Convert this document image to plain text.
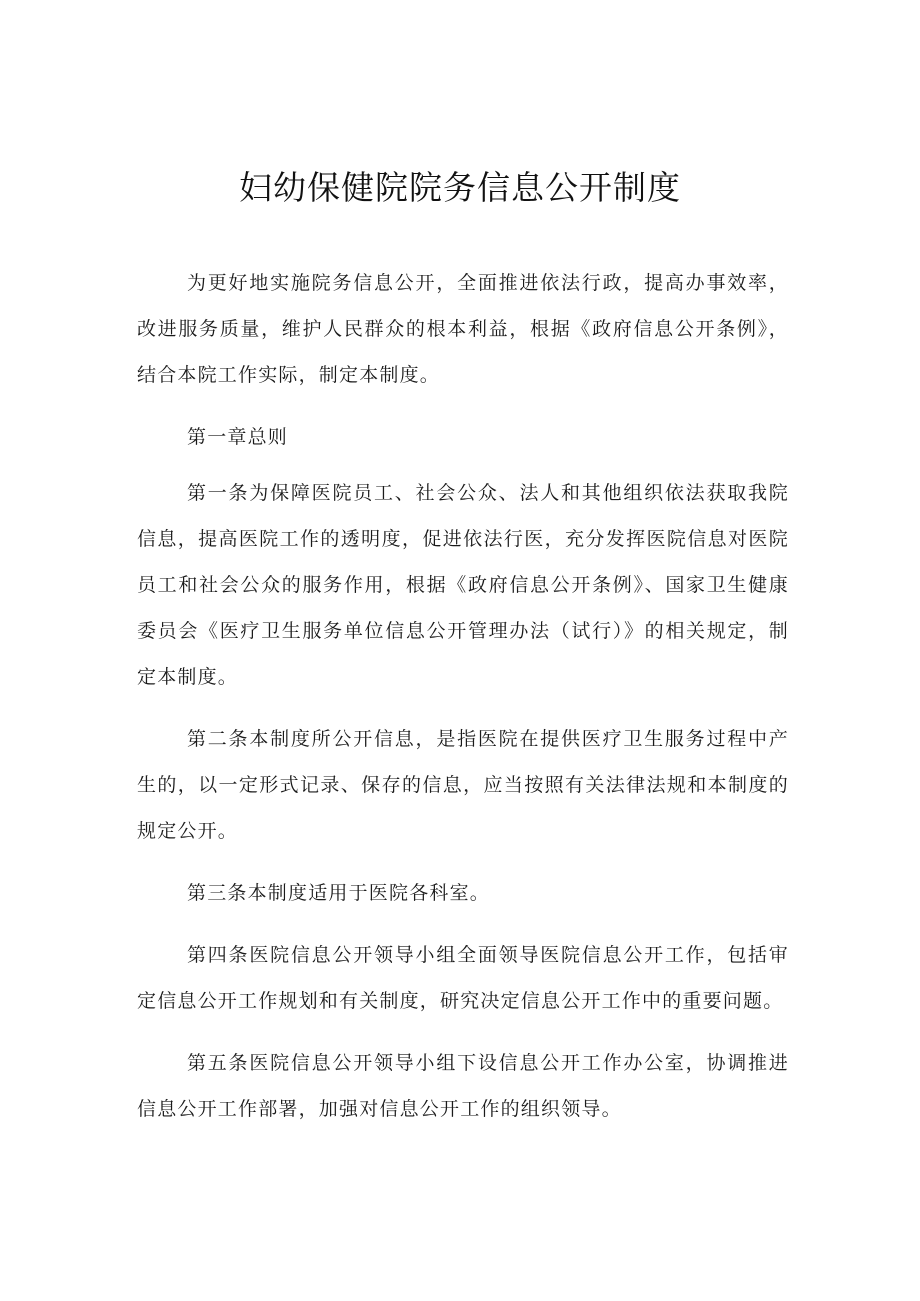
妇幼保健院院务信息公开制度

为更好地实施院务信息公开，全面推进依法行政，提高办事效率，改进服务质量，维护人民群众的根本利益，根据《政府信息公开条例》，结合本院工作实际，制定本制度。

第一章总则

第一条为保障医院员工、社会公众、法人和其他组织依法获取我院信息，提高医院工作的透明度，促进依法行医，充分发挥医院信息对医院员工和社会公众的服务作用，根据《政府信息公开条例》、国家卫生健康委员会《医疗卫生服务单位信息公开管理办法（试行）》的相关规定，制定本制度。

第二条本制度所公开信息，是指医院在提供医疗卫生服务过程中产生的，以一定形式记录、保存的信息，应当按照有关法律法规和本制度的规定公开。

第三条本制度适用于医院各科室。

第四条医院信息公开领导小组全面领导医院信息公开工作，包括审定信息公开工作规划和有关制度，研究决定信息公开工作中的重要问题。

第五条医院信息公开领导小组下设信息公开工作办公室，协调推进信息公开工作部署，加强对信息公开工作的组织领导。
